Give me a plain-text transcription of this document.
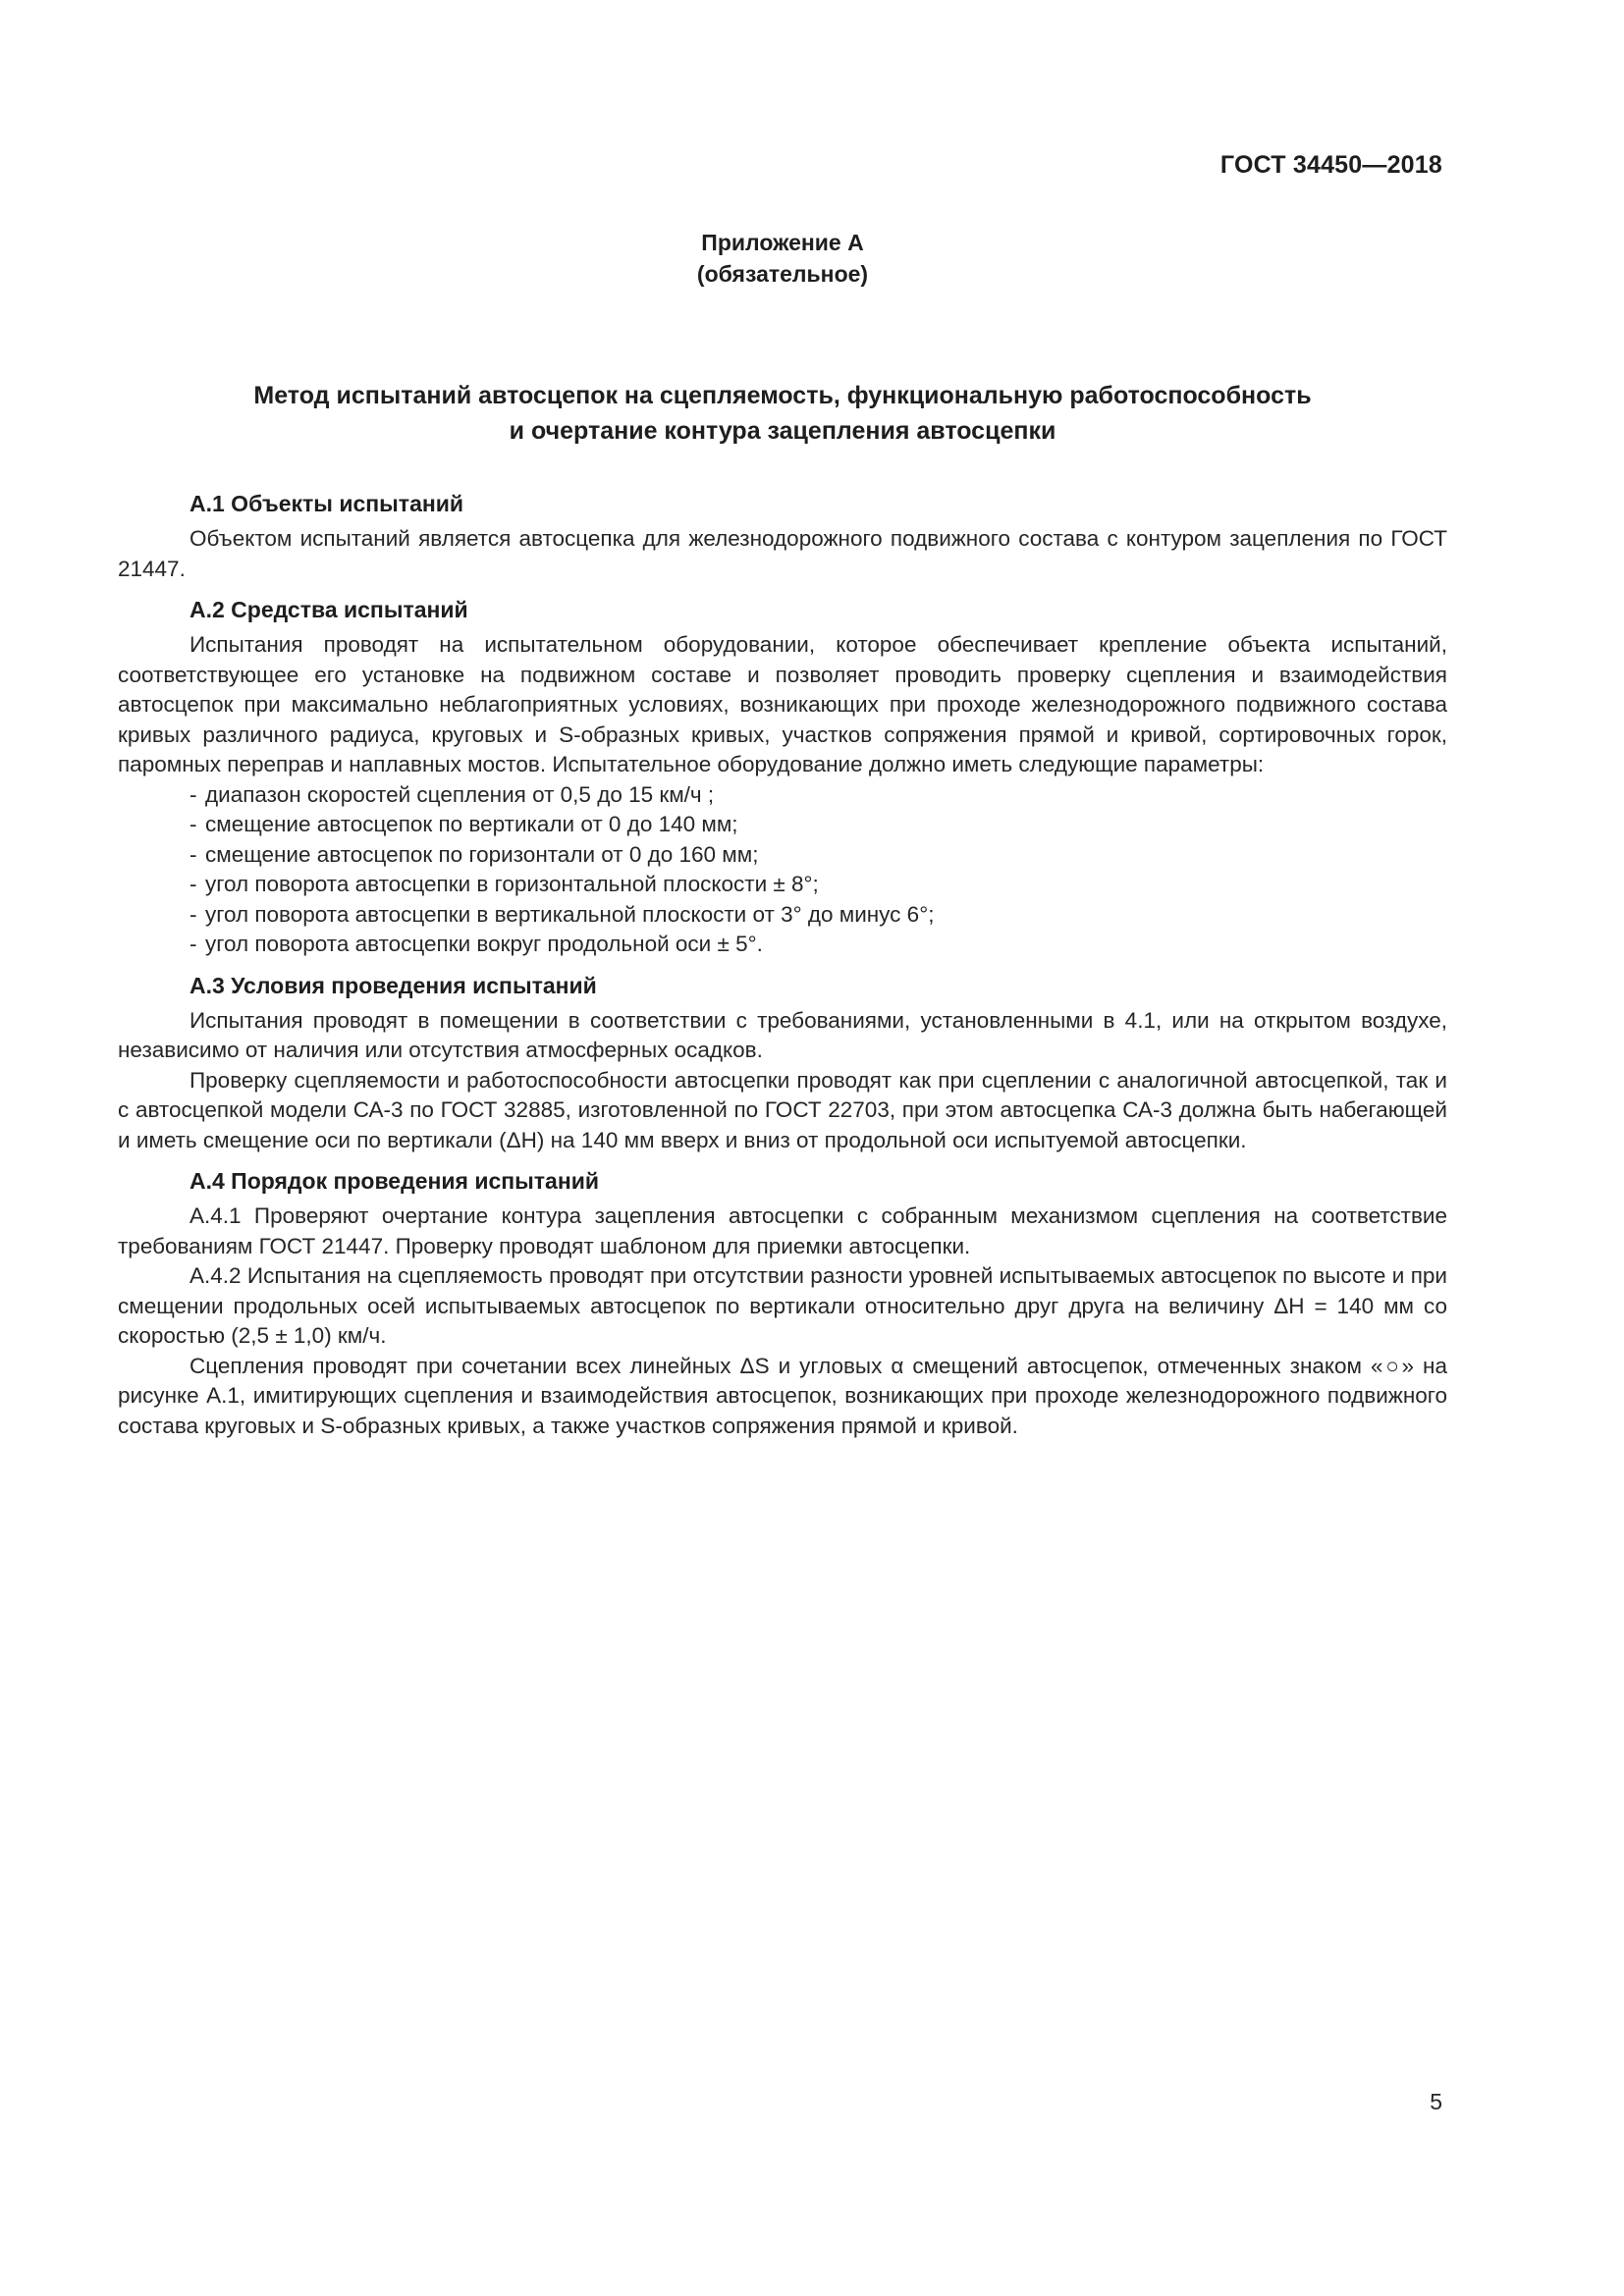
ГОСТ 34450—2018
Приложение А
(обязательное)
Метод испытаний автосцепок на сцепляемость, функциональную работоспособность
и очертание контура зацепления автосцепки
А.1 Объекты испытаний

Объектом испытаний является автосцепка для железнодорожного подвижного состава с контуром зацепления по ГОСТ 21447.

А.2 Средства испытаний

Испытания проводят на испытательном оборудовании, которое обеспечивает крепление объекта испытаний, соответствующее его установке на подвижном составе и позволяет проводить проверку сцепления и взаимодействия автосцепок при максимально неблагоприятных условиях, возникающих при проходе железнодорожного подвижного состава кривых различного радиуса, круговых и S-образных кривых, участков сопряжения прямой и кривой, сортировочных горок, паромных переправ и наплавных мостов. Испытательное оборудование должно иметь следующие параметры:

- диапазон скоростей сцепления от 0,5 до 15 км/ч ;
- смещение автосцепок по вертикали от 0 до 140 мм;
- смещение автосцепок по горизонтали от 0 до 160 мм;
- угол поворота автосцепки в горизонтальной плоскости ± 8°;
- угол поворота автосцепки в вертикальной плоскости от 3° до минус 6°;
- угол поворота автосцепки вокруг продольной оси ± 5°.
А.3 Условия проведения испытаний

Испытания проводят в помещении в соответствии с требованиями, установленными в 4.1, или на открытом воздухе, независимо от наличия или отсутствия атмосферных осадков.

Проверку сцепляемости и работоспособности автосцепки проводят как при сцеплении с аналогичной автосцепкой, так и с автосцепкой модели СА-3 по ГОСТ 32885, изготовленной по ГОСТ 22703, при этом автосцепка СА-3 должна быть набегающей и иметь смещение оси по вертикали (ΔH) на 140 мм вверх и вниз от продольной оси испытуемой автосцепки.

А.4 Порядок проведения испытаний

А.4.1 Проверяют очертание контура зацепления автосцепки с собранным механизмом сцепления на соответствие требованиям ГОСТ 21447. Проверку проводят шаблоном для приемки автосцепки.

А.4.2 Испытания на сцепляемость проводят при отсутствии разности уровней испытываемых автосцепок по высоте и при смещении продольных осей испытываемых автосцепок по вертикали относительно друг друга на величину ΔH = 140 мм со скоростью (2,5 ± 1,0) км/ч.

Сцепления проводят при сочетании всех линейных ΔS и угловых α смещений автосцепок, отмеченных знаком «○» на рисунке А.1, имитирующих сцепления и взаимодействия автосцепок, возникающих при проходе железнодорожного подвижного состава круговых и S-образных кривых, а также участков сопряжения прямой и кривой.

5
